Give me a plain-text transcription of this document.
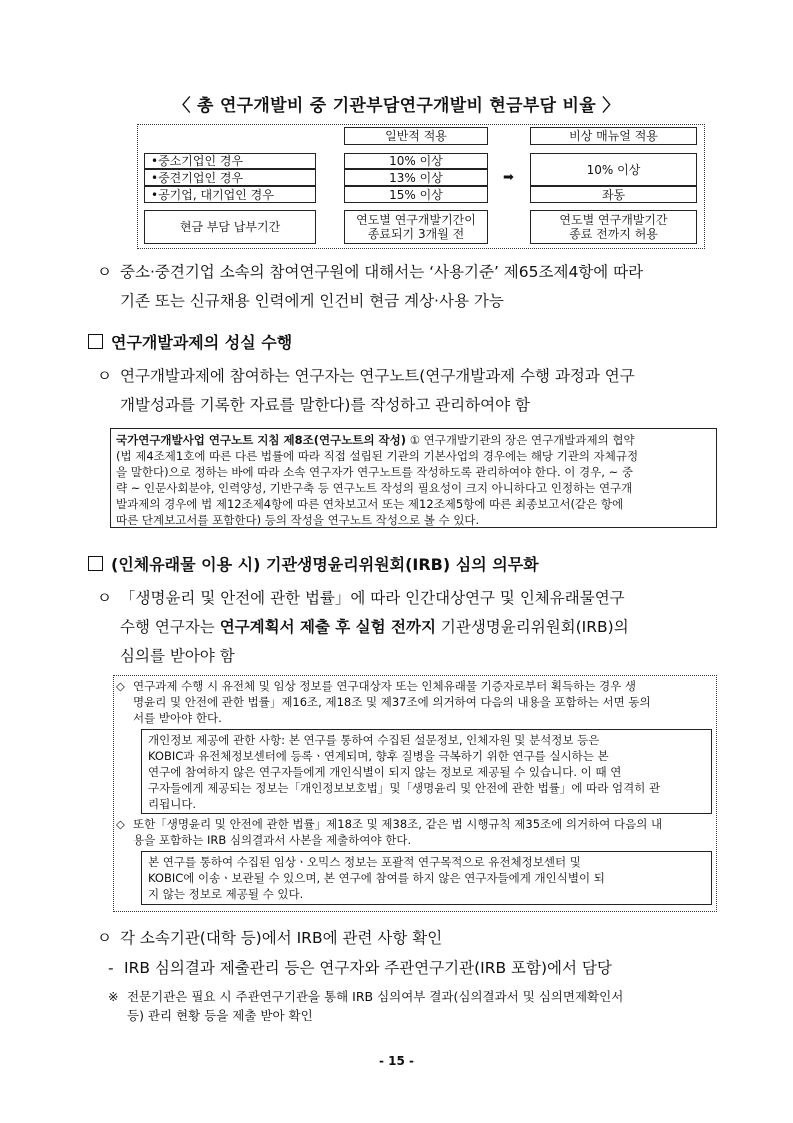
〈 총 연구개발비 중 기관부담연구개발비 현금부담 비율 〉
일반적 적용	비상 매뉴얼 적용
•중소기업인 경우
•중견기업인 경우
•공기업, 대기업인 경우
10% 이상
13% 이상
15% 이상
➡
10% 이상
좌동
현금 부담 납부기간	연도별 연구개발기간이
종료되기 3개월 전
연도별 연구개발기간
종료 전까지 허용
ㅇ 중소·중견기업 소속의 참여연구원에 대해서는 ‘사용기준’ 제65조제4항에 따라
기존 또는 신규채용 인력에게 인건비 현금 계상·사용 가능
연구개발과제의 성실 수행
ㅇ 연구개발과제에 참여하는 연구자는 연구노트(연구개발과제 수행 과정과 연구
개발성과를 기록한 자료를 말한다)를 작성하고 관리하여야 함
국가연구개발사업 연구노트 지침 제8조(연구노트의 작성) ① 연구개발기관의 장은 연구개발과제의 협약
(법 제4조제1호에 따른 다른 법률에 따라 직접 설립된 기관의 기본사업의 경우에는 해당 기관의 자체규정
을 말한다)으로 정하는 바에 따라 소속 연구자가 연구노트를 작성하도록 관리하여야 한다. 이 경우, ~ 중
략 ~ 인문사회분야, 인력양성, 기반구축 등 연구노트 작성의 필요성이 크지 아니하다고 인정하는 연구개
발과제의 경우에 법 제12조제4항에 따른 연차보고서 또는 제12조제5항에 따른 최종보고서(같은 항에
따른 단계보고서를 포함한다) 등의 작성을 연구노트 작성으로 볼 수 있다.
(인체유래물 이용 시) 기관생명윤리위원회(IRB) 심의 의무화
ㅇ 「생명윤리 및 안전에 관한 법률」에 따라 인간대상연구 및 인체유래물연구
수행 연구자는 연구계획서 제출 후 실험 전까지 기관생명윤리위원회(IRB)의
심의를 받아야 함
◇ 연구과제 수행 시 유전체 및 임상 정보를 연구대상자 또는 인체유래물 기증자로부터 획득하는 경우 생
명윤리 및 안전에 관한 법률」제16조, 제18조 및 제37조에 의거하여 다음의 내용을 포함하는 서면 동의
서를 받아야 한다.
개인정보 제공에 관한 사항: 본 연구를 통하여 수집된 설문정보, 인체자원 및 분석정보 등은
KOBIC과 유전체정보센터에 등록ㆍ연계되며, 향후 질병을 극복하기 위한 연구를 실시하는 본
연구에 참여하지 않은 연구자들에게 개인식별이 되지 않는 정보로 제공될 수 있습니다. 이 때 연
구자들에게 제공되는 정보는「개인정보보호법」및「생명윤리 및 안전에 관한 법률」에 따라 엄격히 관
리됩니다.
◇ 또한「생명윤리 및 안전에 관한 법률」제18조 및 제38조, 같은 법 시행규칙 제35조에 의거하여 다음의 내
용을 포함하는 IRB 심의결과서 사본을 제출하여야 한다.
본 연구를 통하여 수집된 임상ㆍ오믹스 정보는 포괄적 연구목적으로 유전체정보센터 및
KOBIC에 이송ㆍ보관될 수 있으며, 본 연구에 참여를 하지 않은 연구자들에게 개인식별이 되
지 않는 정보로 제공될 수 있다.
ㅇ 각 소속기관(대학 등)에서 IRB에 관련 사항 확인
- IRB 심의결과 제출관리 등은 연구자와 주관연구기관(IRB 포함)에서 담당
※ 전문기관은 필요 시 주관연구기관을 통해 IRB 심의여부 결과(심의결과서 및 심의면제확인서
등) 관리 현황 등을 제출 받아 확인
- 15 -
